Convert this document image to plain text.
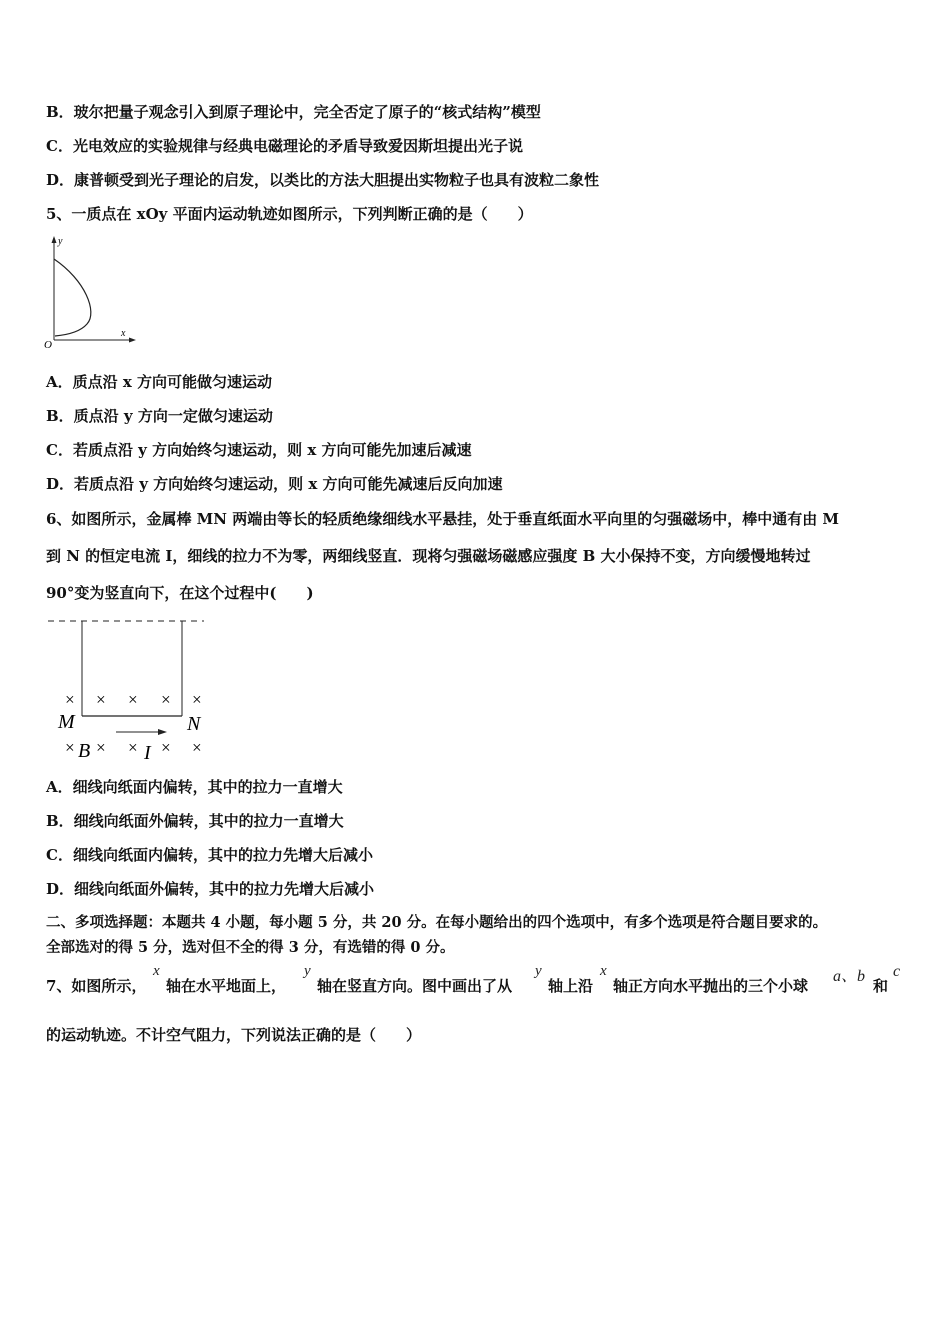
B．玻尔把量子观念引入到原子理论中，完全否定了原子的“核式结构”模型
C．光电效应的实验规律与经典电磁理论的矛盾导致爱因斯坦提出光子说
D．康普顿受到光子理论的启发，以类比的方法大胆提出实物粒子也具有波粒二象性
5、一质点在 xOy 平面内运动轨迹如图所示，下列判断正确的是（　　）
y
x
O
A．质点沿 x 方向可能做匀速运动
B．质点沿 y 方向一定做匀速运动
C．若质点沿 y 方向始终匀速运动，则 x 方向可能先加速后减速
D．若质点沿 y 方向始终匀速运动，则 x 方向可能先减速后反向加速
6、如图所示，金属棒 MN 两端由等长的轻质绝缘细线水平悬挂，处于垂直纸面水平向里的匀强磁场中，棒中通有由 M
到 N 的恒定电流 I，细线的拉力不为零，两细线竖直．现将匀强磁场磁感应强度 B 大小保持不变，方向缓慢地转过
90°变为竖直向下，在这个过程中(　　)
× × × × ×
M	N
× B × × I × ×
A．细线向纸面内偏转，其中的拉力一直增大
B．细线向纸面外偏转，其中的拉力一直增大
C．细线向纸面内偏转，其中的拉力先增大后减小
D．细线向纸面外偏转，其中的拉力先增大后减小
二、多项选择题：本题共 4 小题，每小题 5 分，共 20 分。在每小题给出的四个选项中，有多个选项是符合题目要求的。
全部选对的得 5 分，选对但不全的得 3 分，有选错的得 0 分。
7、如图所示，
x
轴在水平地面上，
y
轴在竖直方向。图中画出了从
y
轴上沿
x
轴正方向水平抛出的三个小球
a、b c
和
的运动轨迹。不计空气阻力，下列说法正确的是（　　）
